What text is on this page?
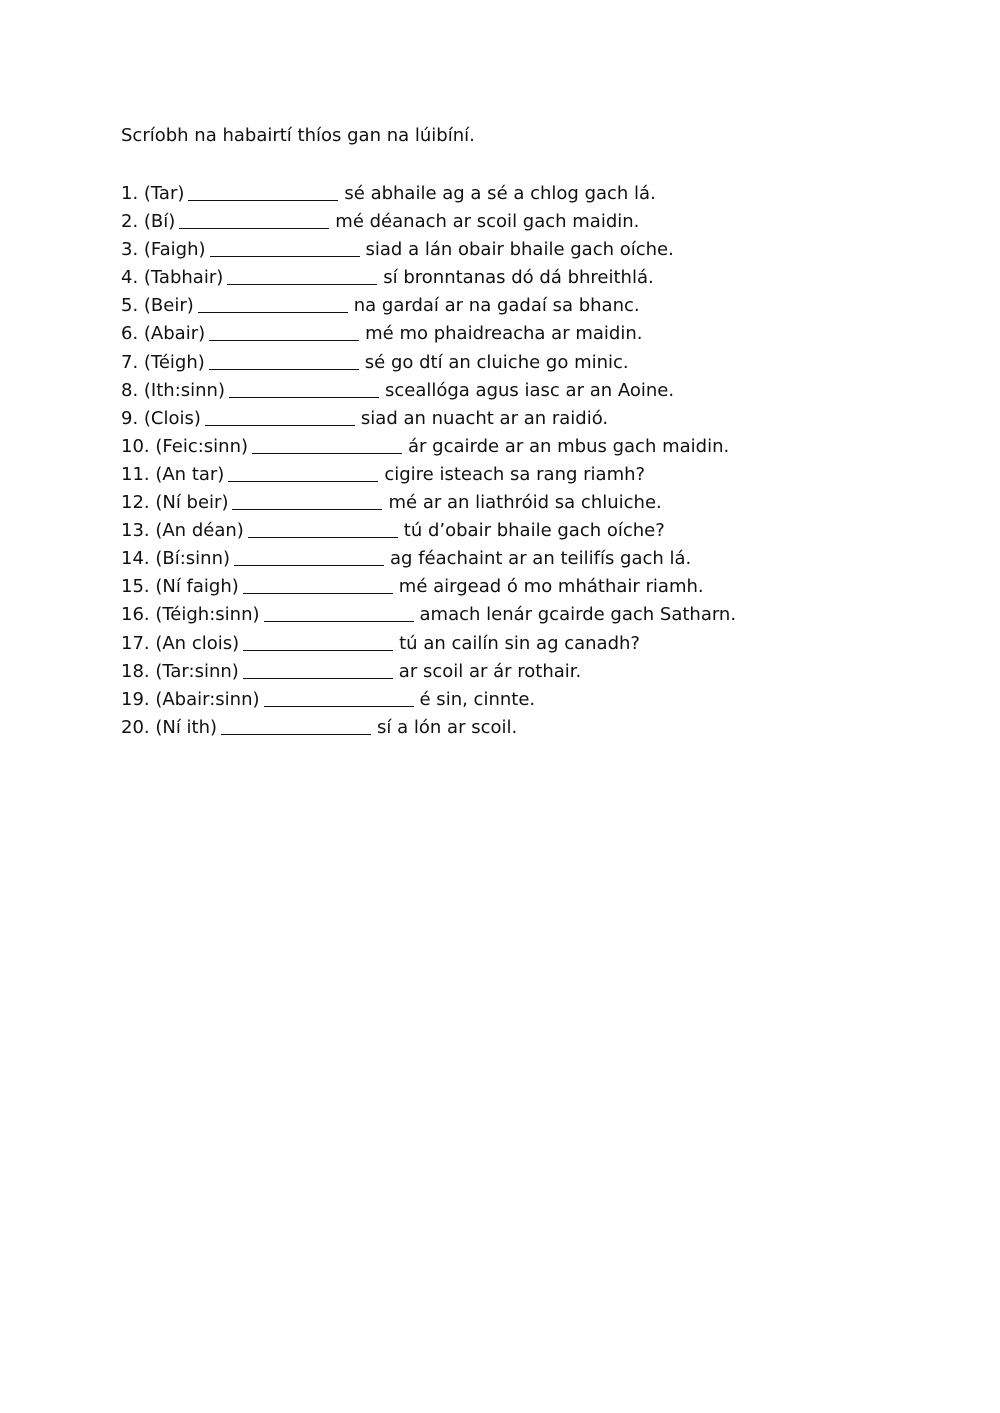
Scríobh na habairtí thíos gan na lúibíní.
1. (Tar)	sé abhaile ag a sé a chlog gach lá.
2. (Bí)	mé déanach ar scoil gach maidin.
3. (Faigh)	siad a lán obair bhaile gach oíche.
4. (Tabhair)	sí bronntanas dó dá bhreithlá.
5. (Beir)	na gardaí ar na gadaí sa bhanc.
6. (Abair)	mé mo phaidreacha ar maidin.
7. (Téigh)	sé go dtí an cluiche go minic.
8. (Ith:sinn)	sceallóga agus iasc ar an Aoine.
9. (Clois)	siad an nuacht ar an raidió.
10. (Feic:sinn)	ár gcairde ar an mbus gach maidin.
11. (An tar)	cigire isteach sa rang riamh?
12. (Ní beir)	mé ar an liathróid sa chluiche.
13. (An déan)	tú d’obair bhaile gach oíche?
14. (Bí:sinn)	ag féachaint ar an teilifís gach lá.
15. (Ní faigh)	mé airgead ó mo mháthair riamh.
16. (Téigh:sinn)	amach lenár gcairde gach Satharn.
17. (An clois)	tú an cailín sin ag canadh?
18. (Tar:sinn)	ar scoil ar ár rothair.
19. (Abair:sinn)	é sin, cinnte.
20. (Ní ith)	sí a lón ar scoil.
